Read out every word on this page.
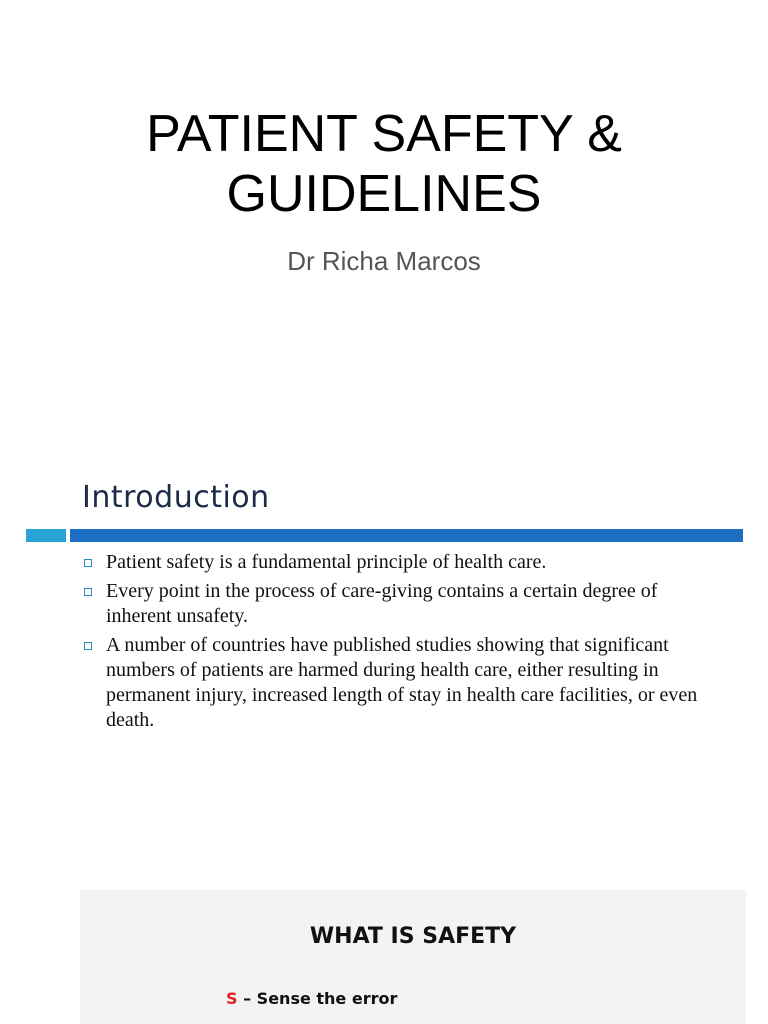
PATIENT SAFETY &
GUIDELINES
Dr Richa Marcos
Introduction
Patient safety is a fundamental principle of health care.
Every point in the process of care-giving contains a certain degree of inherent unsafety.
A number of countries have published studies showing that significant numbers of patients are harmed during health care, either resulting in permanent injury, increased length of stay in health care facilities, or even death.
WHAT IS SAFETY
S – Sense the error
